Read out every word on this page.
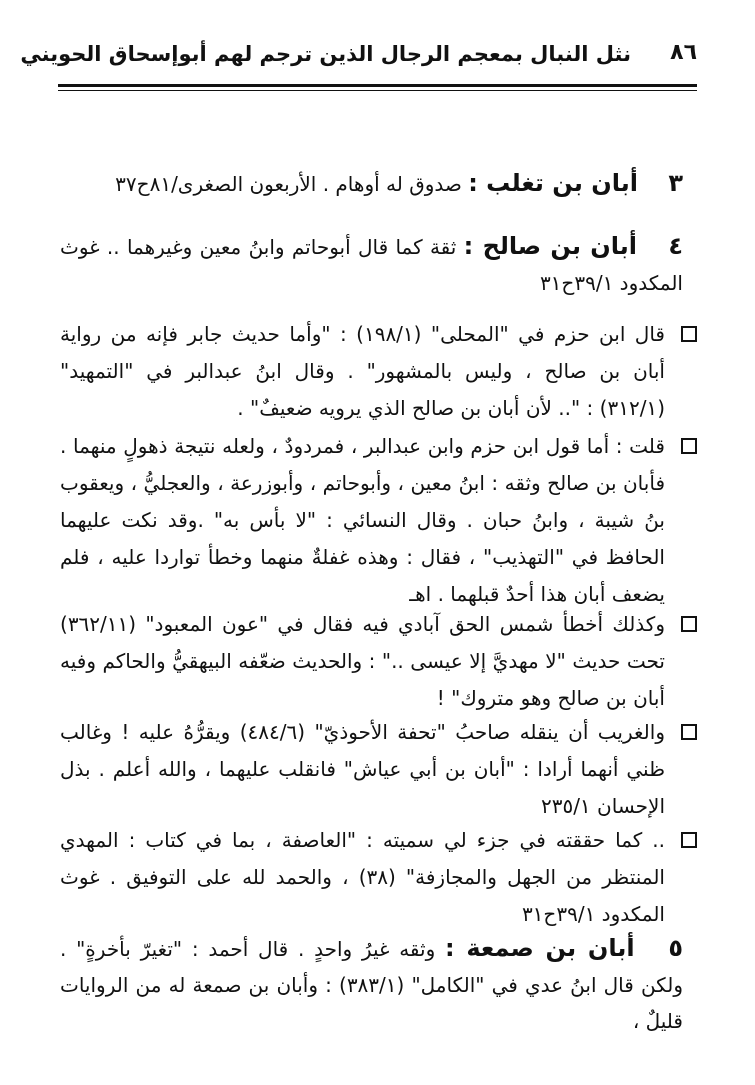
٨٦
نثل النبال بمعجم الرجال الذين ترجم لهم أبوإسحاق الحويني
٣ أبان بن تغلب : صدوق له أوهام . الأربعون الصغرى/٨١ح٣٧
٤ أبان بن صالح : ثقة كما قال أبوحاتم وابنُ معين وغيرهما .. غوث المكدود ٣٩/١ح٣١
قال ابن حزم في "المحلى" (١٩٨/١) : "وأما حديث جابر فإنه من رواية أبان بن صالح ، وليس بالمشهور" . وقال ابنُ عبدالبر في "التمهيد" (٣١٢/١) : ".. لأن أبان بن صالح الذي يرويه ضعيفٌ" .
قلت : أما قول ابن حزم وابن عبدالبر ، فمردودٌ ، ولعله نتيجة ذهولٍ منهما . فأبان بن صالح وثقه : ابنُ معين ، وأبوحاتم ، وأبوزرعة ، والعجليُّ ، ويعقوب بنُ شيبة ، وابنُ حبان . وقال النسائي : "لا بأس به" .وقد نكت عليهما الحافظ في "التهذيب" ، فقال : وهذه غفلةٌ منهما وخطأ تواردا عليه ، فلم يضعف أبان هذا أحدٌ قبلهما . اهـ
وكذلك أخطأ شمس الحق آبادي فيه فقال في "عون المعبود" (٣٦٢/١١) تحت حديث "لا مهديَّ إلا عيسى .." : والحديث ضعّفه البيهقيُّ والحاكم وفيه أبان بن صالح وهو متروك" !
والغريب أن ينقله صاحبُ "تحفة الأحوذيّ" (٤٨٤/٦) ويقرُّهُ عليه ! وغالب ظني أنهما أرادا : "أبان بن أبي عياش" فانقلب عليهما ، والله أعلم . بذل الإحسان ٢٣٥/١
.. كما حققته في جزء لي سميته : "العاصفة ، بما في كتاب : المهدي المنتظر من الجهل والمجازفة" (٣٨) ، والحمد لله على التوفيق . غوث المكدود ٣٩/١ح٣١
٥ أبان بن صمعة : وثقه غيرُ واحدٍ . قال أحمد : "تغيرّ بأخرةٍ" . ولكن قال ابنُ عدي في "الكامل" (٣٨٣/١) : وأبان بن صمعة له من الروايات قليلٌ ،
